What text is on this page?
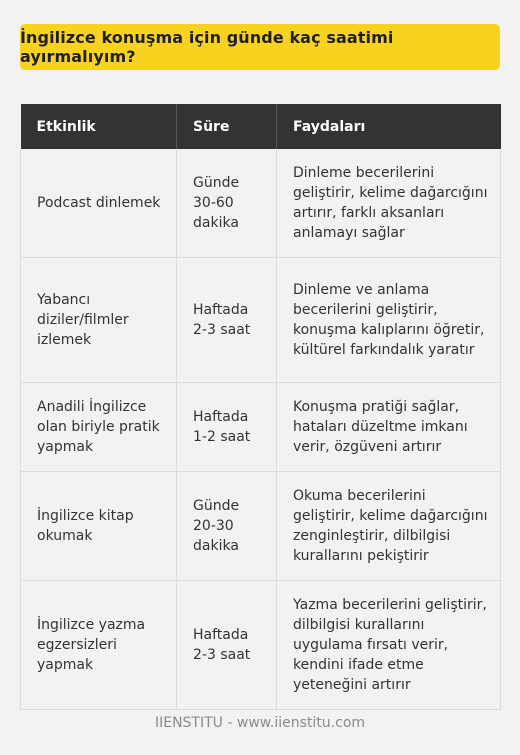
İngilizce konuşma için günde kaç saatimi ayırmalıyım?
Etkinlik	Süre	Faydaları
Podcast dinlemek	Günde 30-60 dakika	Dinleme becerilerini geliştirir, kelime dağarcığını artırır, farklı aksanları anlamayı sağlar
Yabancı diziler/filmler izlemek	Haftada 2-3 saat	Dinleme ve anlama becerilerini geliştirir, konuşma kalıplarını öğretir, kültürel farkındalık yaratır
Anadili İngilizce olan biriyle pratik yapmak	Haftada 1-2 saat	Konuşma pratiği sağlar, hataları düzeltme imkanı verir, özgüveni artırır
İngilizce kitap okumak	Günde 20-30 dakika	Okuma becerilerini geliştirir, kelime dağarcığını zenginleştirir, dilbilgisi kurallarını pekiştirir
İngilizce yazma egzersizleri yapmak	Haftada 2-3 saat	Yazma becerilerini geliştirir, dilbilgisi kurallarını uygulama fırsatı verir, kendini ifade etme yeteneğini artırır
IIENSTITU - www.iienstitu.com
